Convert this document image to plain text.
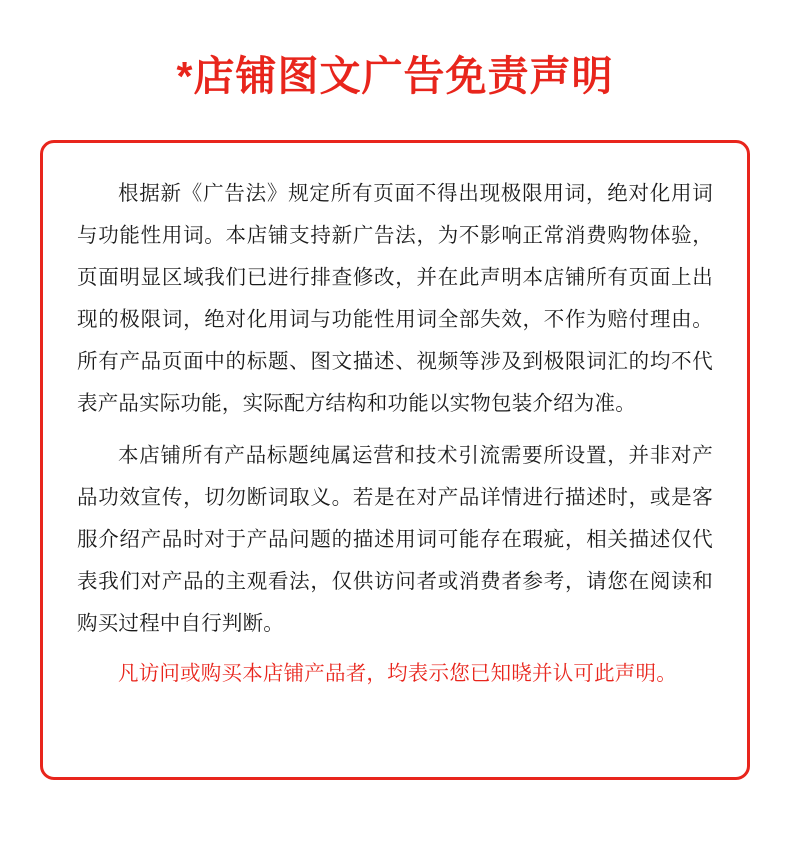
*店铺图文广告免责声明

根据新《广告法》规定所有页面不得出现极限用词，绝对化用词与功能性用词。本店铺支持新广告法，为不影响正常消费购物体验，页面明显区域我们已进行排查修改，并在此声明本店铺所有页面上出现的极限词，绝对化用词与功能性用词全部失效，不作为赔付理由。所有产品页面中的标题、图文描述、视频等涉及到极限词汇的均不代表产品实际功能，实际配方结构和功能以实物包装介绍为准。

本店铺所有产品标题纯属运营和技术引流需要所设置，并非对产品功效宣传，切勿断词取义。若是在对产品详情进行描述时，或是客服介绍产品时对于产品问题的描述用词可能存在瑕疵，相关描述仅代表我们对产品的主观看法，仅供访问者或消费者参考，请您在阅读和购买过程中自行判断。

凡访问或购买本店铺产品者，均表示您已知晓并认可此声明。
